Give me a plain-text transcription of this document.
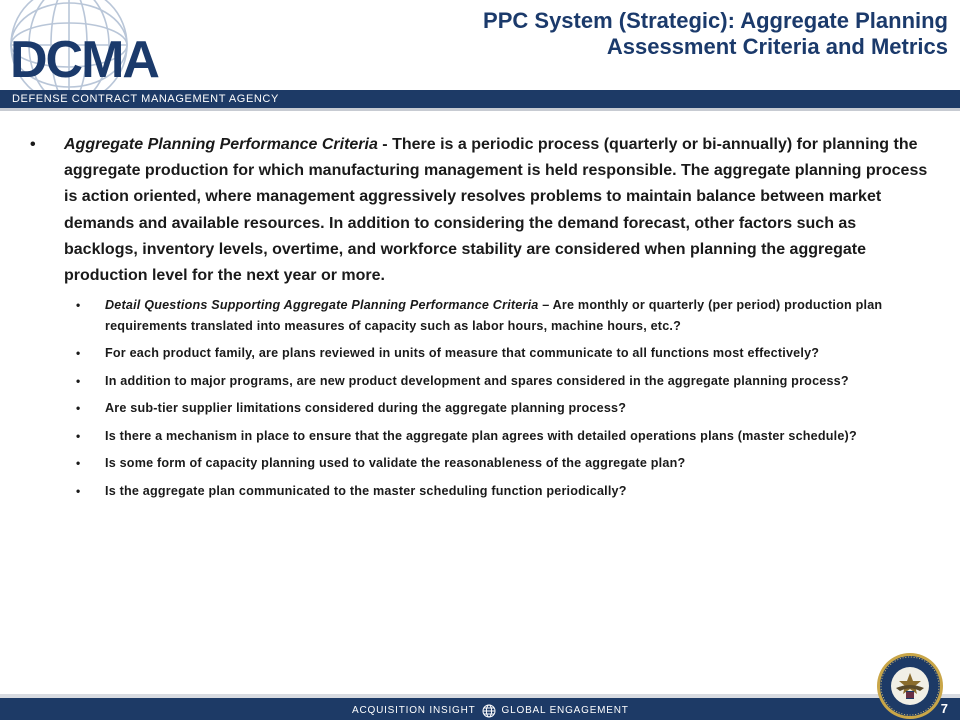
DCMA
PPC System (Strategic): Aggregate Planning
Assessment Criteria and Metrics
DEFENSE CONTRACT MANAGEMENT AGENCY
• Aggregate Planning Performance Criteria - There is a periodic process (quarterly or bi-annually) for planning the aggregate production for which manufacturing management is held responsible. The aggregate planning process is action oriented, where management aggressively resolves problems to maintain balance between market demands and available resources. In addition to considering the demand forecast, other factors such as backlogs, inventory levels, overtime, and workforce stability are considered when planning the aggregate production level for the next year or more.

• Detail Questions Supporting Aggregate Planning Performance Criteria – Are monthly or quarterly (per period) production plan requirements translated into measures of capacity such as labor hours, machine hours, etc.?
• For each product family, are plans reviewed in units of measure that communicate to all functions most effectively?
• In addition to major programs, are new product development and spares considered in the aggregate planning process?
• Are sub-tier supplier limitations considered during the aggregate planning process?
• Is there a mechanism in place to ensure that the aggregate plan agrees with detailed operations plans (master schedule)?
• Is some form of capacity planning used to validate the reasonableness of the aggregate plan?
• Is the aggregate plan communicated to the master scheduling function periodically?
ACQUISITION INSIGHT	GLOBAL ENGAGEMENT	7
